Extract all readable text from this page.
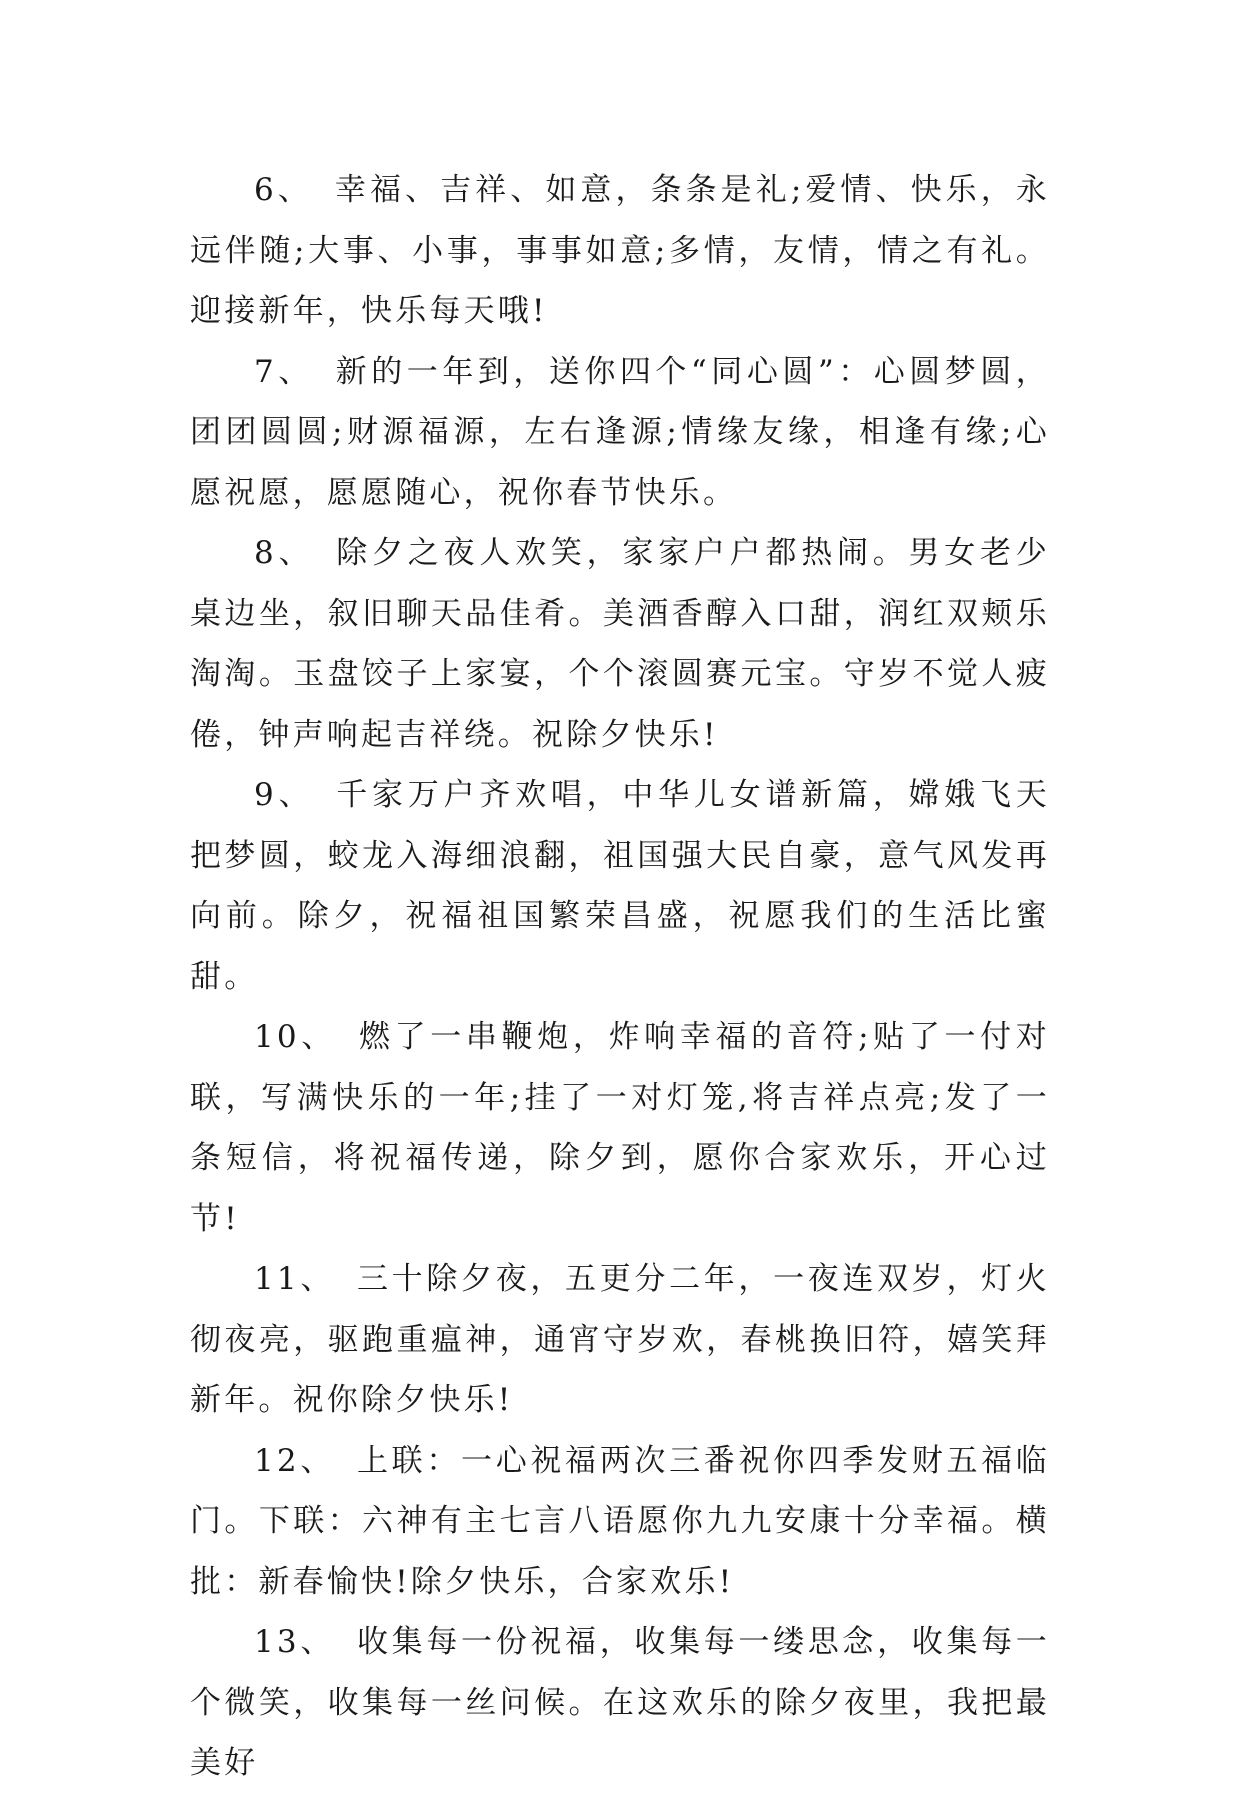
6、 幸福、吉祥、如意，条条是礼;爱情、快乐，永远伴随;大事、小事，事事如意;多情，友情，情之有礼。迎接新年，快乐每天哦!

7、 新的一年到，送你四个“同心圆”：心圆梦圆，团团圆圆;财源福源，左右逢源;情缘友缘，相逢有缘;心愿祝愿，愿愿随心，祝你春节快乐。

8、 除夕之夜人欢笑，家家户户都热闹。男女老少桌边坐，叙旧聊天品佳肴。美酒香醇入口甜，润红双颊乐淘淘。玉盘饺子上家宴，个个滚圆赛元宝。守岁不觉人疲倦，钟声响起吉祥绕。祝除夕快乐!

9、 千家万户齐欢唱，中华儿女谱新篇，嫦娥飞天把梦圆，蛟龙入海细浪翻，祖国强大民自豪，意气风发再向前。除夕，祝福祖国繁荣昌盛，祝愿我们的生活比蜜甜。

10、 燃了一串鞭炮，炸响幸福的音符;贴了一付对联，写满快乐的一年;挂了一对灯笼,将吉祥点亮;发了一条短信，将祝福传递，除夕到，愿你合家欢乐，开心过节!

11、 三十除夕夜，五更分二年，一夜连双岁，灯火彻夜亮，驱跑重瘟神，通宵守岁欢，春桃换旧符，嬉笑拜新年。祝你除夕快乐!

12、 上联：一心祝福两次三番祝你四季发财五福临门。下联：六神有主七言八语愿你九九安康十分幸福。横批：新春愉快!除夕快乐，合家欢乐!

13、 收集每一份祝福，收集每一缕思念，收集每一个微笑，收集每一丝问候。在这欢乐的除夕夜里，我把最美好
